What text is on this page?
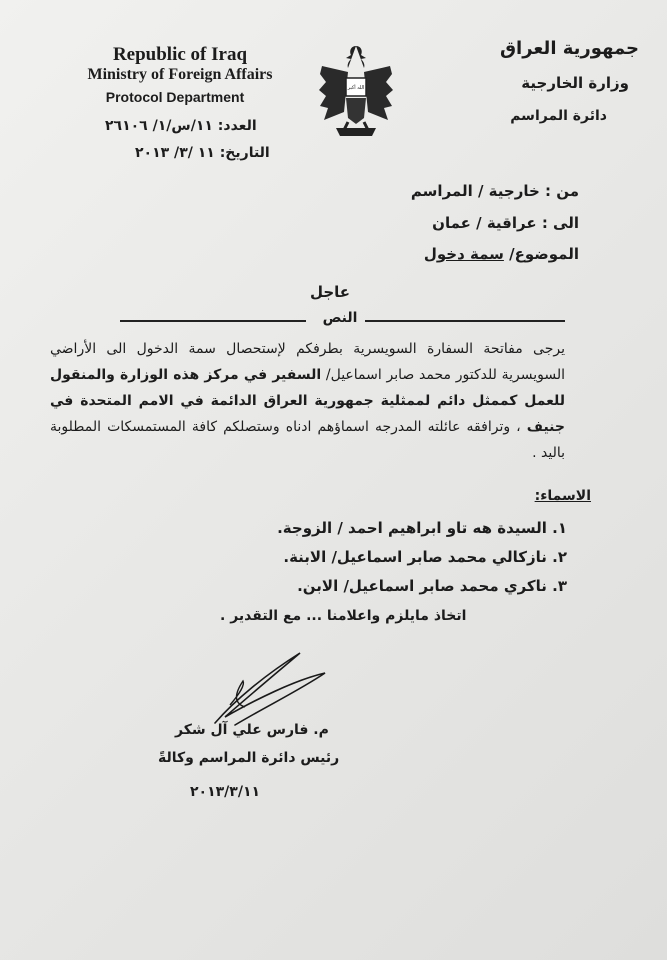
Republic of Iraq
Ministry of Foreign Affairs
Protocol Department
جمهورية العراق
وزارة الخارجية
دائرة المراسم
الله أكبر
العدد: ١١/س/١/ ٢٦١٠٦
التاريخ: ١١ /٣/ ٢٠١٣
من : خارجية / المراسم
الى : عراقية / عمان
الموضوع/ سمة دخول
عاجل
النص

يرجى مفاتحة السفارة السويسرية بطرفكم لإستحصال سمة الدخول الى الأراضي السويسرية للدكتور محمد صابر اسماعيل/ السفير في مركز هذه الوزارة والمنقول للعمل كممثل دائم لممثلية جمهورية العراق الدائمة في الامم المتحدة في جنيف ، وترافقه عائلته المدرجه اسماؤهم ادناه وستصلكم كافة المستمسكات المطلوبة باليد .

الاسماء:
١. السيدة هه تاو ابراهيم احمد / الزوجة.
٢. نازكالي محمد صابر اسماعيل/ الابنة.
٣. ناكري محمد صابر اسماعيل/ الابن.
اتخاذ مايلزم واعلامنا ... مع التقدير .
م. فارس علي آل شكر
رئيس دائرة المراسم وكالةً
٢٠١٣/٣/١١
